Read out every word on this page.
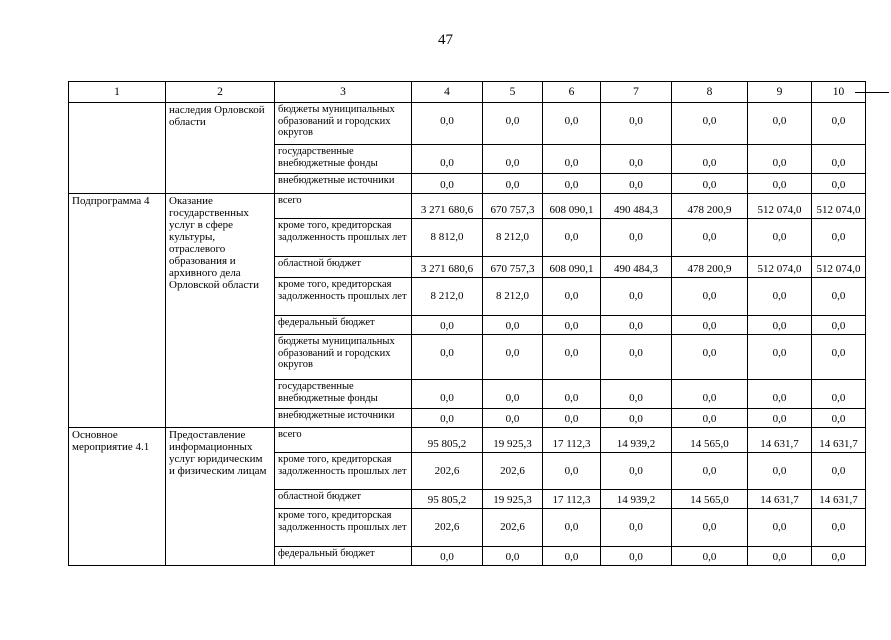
47
1	2	3	4	5	6	7	8	9	10
	наследия Орловской области	бюджеты муниципальных образований и городских округов	0,0	0,0	0,0	0,0	0,0	0,0	0,0
		государственные внебюджетные фонды	0,0	0,0	0,0	0,0	0,0	0,0	0,0
		внебюджетные источники	0,0	0,0	0,0	0,0	0,0	0,0	0,0
Подпрограмма 4	Оказание государственных услуг в сфере культуры, отраслевого образования и архивного дела Орловской области	всего	3 271 680,6	670 757,3	608 090,1	490 484,3	478 200,9	512 074,0	512 074,0
		кроме того, кредиторская задолженность прошлых лет	8 812,0	8 212,0	0,0	0,0	0,0	0,0	0,0
		областной бюджет	3 271 680,6	670 757,3	608 090,1	490 484,3	478 200,9	512 074,0	512 074,0
		кроме того, кредиторская задолженность прошлых лет	8 212,0	8 212,0	0,0	0,0	0,0	0,0	0,0
		федеральный бюджет	0,0	0,0	0,0	0,0	0,0	0,0	0,0
		бюджеты муниципальных образований и городских округов	0,0	0,0	0,0	0,0	0,0	0,0	0,0
		государственные внебюджетные фонды	0,0	0,0	0,0	0,0	0,0	0,0	0,0
		внебюджетные источники	0,0	0,0	0,0	0,0	0,0	0,0	0,0
Основное мероприятие 4.1	Предоставление информационных услуг юридическим и физическим лицам	всего	95 805,2	19 925,3	17 112,3	14 939,2	14 565,0	14 631,7	14 631,7
		кроме того, кредиторская задолженность прошлых лет	202,6	202,6	0,0	0,0	0,0	0,0	0,0
		областной бюджет	95 805,2	19 925,3	17 112,3	14 939,2	14 565,0	14 631,7	14 631,7
		кроме того, кредиторская задолженность прошлых лет	202,6	202,6	0,0	0,0	0,0	0,0	0,0
		федеральный бюджет	0,0	0,0	0,0	0,0	0,0	0,0	0,0
